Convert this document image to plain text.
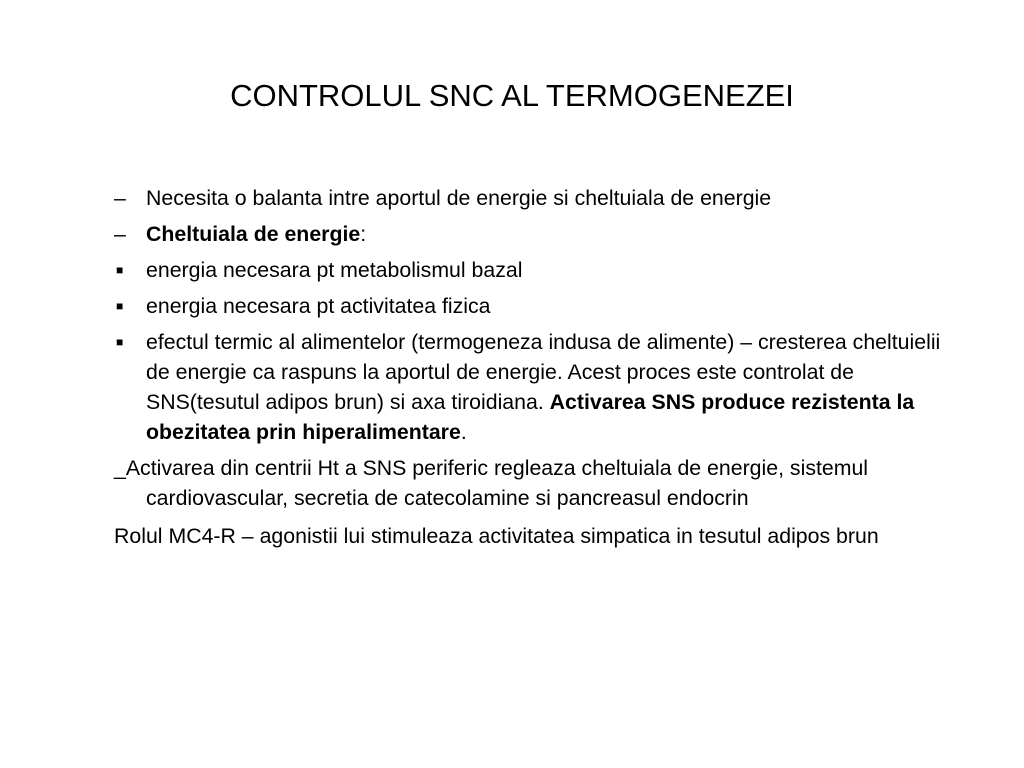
CONTROLUL SNC AL TERMOGENEZEI
– Necesita o balanta intre aportul de energie si cheltuiala de energie
– Cheltuiala de energie:
■	energia necesara pt metabolismul bazal
■	energia necesara pt activitatea fizica
■	efectul termic al alimentelor (termogeneza indusa de alimente) – cresterea cheltuielii de energie ca raspuns la aportul de energie. Acest proces este controlat de SNS(tesutul adipos brun) si axa tiroidiana. Activarea SNS produce rezistenta la obezitatea prin hiperalimentare.
_Activarea din centrii Ht a SNS periferic regleaza cheltuiala de energie, sistemul cardiovascular, secretia de catecolamine si pancreasul endocrin
Rolul MC4-R – agonistii lui stimuleaza activitatea simpatica in tesutul adipos brun
